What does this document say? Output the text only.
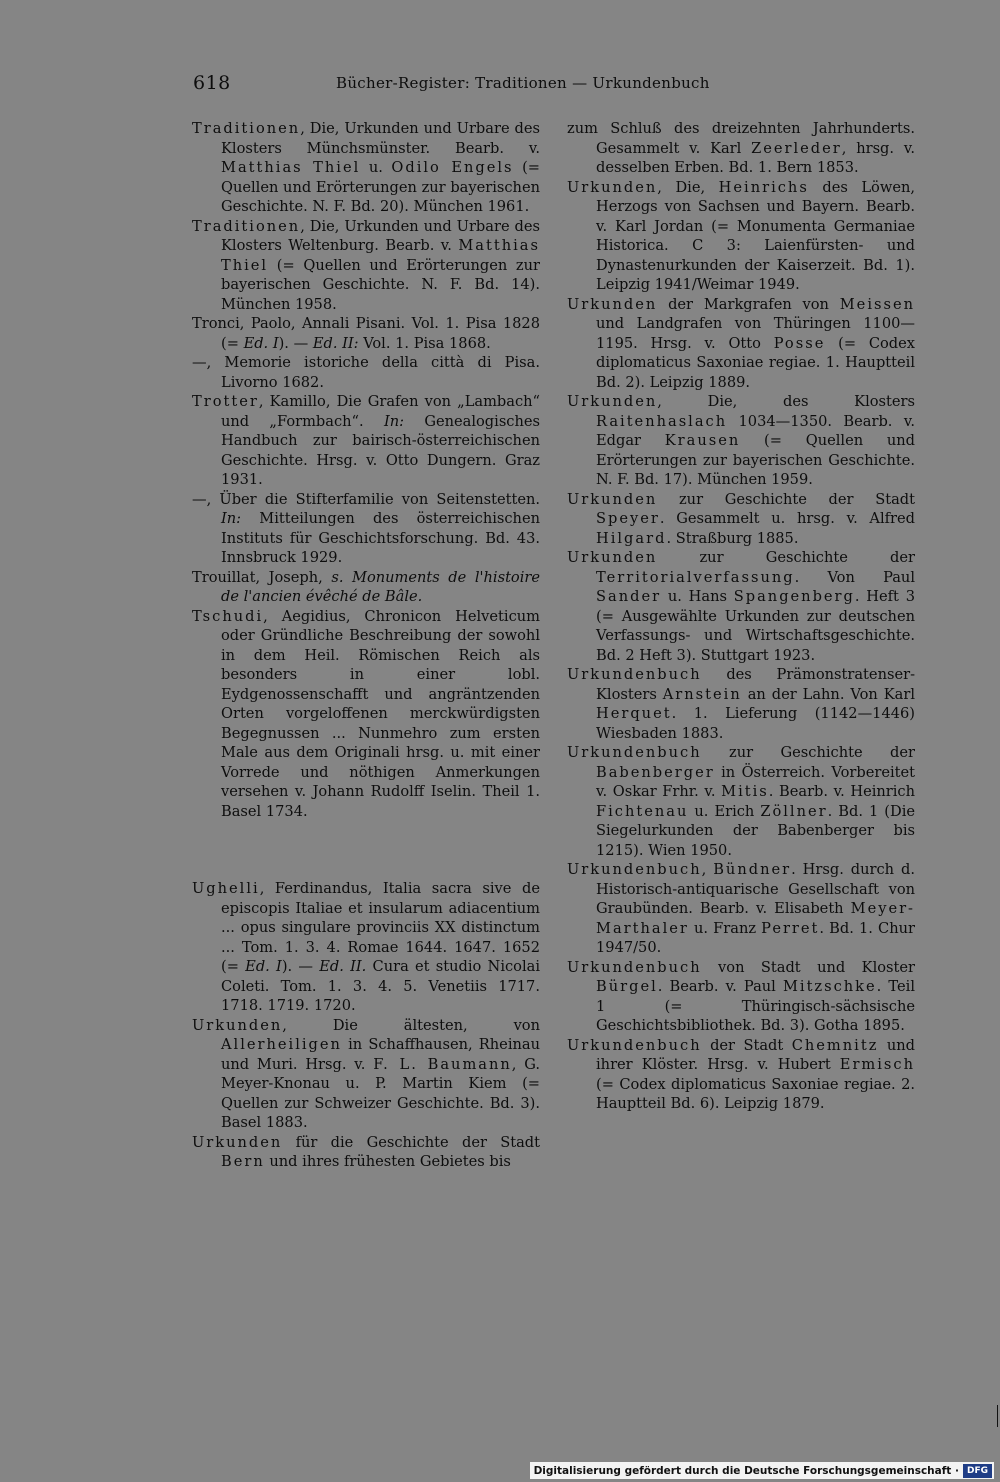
618	Bücher-Register: Traditionen — Urkundenbuch
Traditionen, Die, Urkunden und Urbare des Klosters Münchsmünster. Bearb. v. Matthias Thiel u. Odilo Engels (= Quellen und Erörterungen zur bayerischen Geschichte. N. F. Bd. 20). München 1961.
Traditionen, Die, Urkunden und Urbare des Klosters Weltenburg. Bearb. v. Matthias Thiel (= Quellen und Erörterungen zur bayerischen Geschichte. N. F. Bd. 14). München 1958.
Tronci, Paolo, Annali Pisani. Vol. 1. Pisa 1828 (= Ed. I). — Ed. II: Vol. 1. Pisa 1868.
—, Memorie istoriche della città di Pisa. Livorno 1682.
Trotter, Kamillo, Die Grafen von „Lambach“ und „Formbach“. In: Genealogisches Handbuch zur bairisch-österreichischen Geschichte. Hrsg. v. Otto Dungern. Graz 1931.
—, Über die Stifterfamilie von Seitenstetten. In: Mitteilungen des österreichischen Instituts für Geschichtsforschung. Bd. 43. Innsbruck 1929.
Trouillat, Joseph, s. Monuments de l'histoire de l'ancien évêché de Bâle.
Tschudi, Aegidius, Chronicon Helveticum oder Gründliche Beschreibung der sowohl in dem Heil. Römischen Reich als besonders in einer lobl. Eydgenossenschafft und angräntzenden Orten vorgeloffenen merckwürdigsten Begegnussen ... Nunmehro zum ersten Male aus dem Originali hrsg. u. mit einer Vorrede und nöthigen Anmerkungen versehen v. Johann Rudolff Iselin. Theil 1. Basel 1734.
Ughelli, Ferdinandus, Italia sacra sive de episcopis Italiae et insularum adiacentium ... opus singulare provinciis XX distinctum ... Tom. 1. 3. 4. Romae 1644. 1647. 1652 (= Ed. I). — Ed. II. Cura et studio Nicolai Coleti. Tom. 1. 3. 4. 5. Venetiis 1717. 1718. 1719. 1720.
Urkunden, Die ältesten, von Allerheiligen in Schaffhausen, Rheinau und Muri. Hrsg. v. F. L. Baumann, G. Meyer-Knonau u. P. Martin Kiem (= Quellen zur Schweizer Geschichte. Bd. 3). Basel 1883.
Urkunden für die Geschichte der Stadt Bern und ihres frühesten Gebietes bis
zum Schluß des dreizehnten Jahrhunderts. Gesammelt v. Karl Zeerleder, hrsg. v. desselben Erben. Bd. 1. Bern 1853.
Urkunden, Die, Heinrichs des Löwen, Herzogs von Sachsen und Bayern. Bearb. v. Karl Jordan (= Monumenta Germaniae Historica. C 3: Laienfürsten- und Dynastenurkunden der Kaiserzeit. Bd. 1). Leipzig 1941/Weimar 1949.
Urkunden der Markgrafen von Meissen und Landgrafen von Thüringen 1100—1195. Hrsg. v. Otto Posse (= Codex diplomaticus Saxoniae regiae. 1. Hauptteil Bd. 2). Leipzig 1889.
Urkunden, Die, des Klosters Raitenhaslach 1034—1350. Bearb. v. Edgar Krausen (= Quellen und Erörterungen zur bayerischen Geschichte. N. F. Bd. 17). München 1959.
Urkunden zur Geschichte der Stadt Speyer. Gesammelt u. hrsg. v. Alfred Hilgard. Straßburg 1885.
Urkunden zur Geschichte der Territorialverfassung. Von Paul Sander u. Hans Spangenberg. Heft 3 (= Ausgewählte Urkunden zur deutschen Verfassungs- und Wirtschaftsgeschichte. Bd. 2 Heft 3). Stuttgart 1923.
Urkundenbuch des Prämonstratenser-Klosters Arnstein an der Lahn. Von Karl Herquet. 1. Lieferung (1142—1446) Wiesbaden 1883.
Urkundenbuch zur Geschichte der Babenberger in Österreich. Vorbereitet v. Oskar Frhr. v. Mitis. Bearb. v. Heinrich Fichtenau u. Erich Zöllner. Bd. 1 (Die Siegelurkunden der Babenberger bis 1215). Wien 1950.
Urkundenbuch, Bündner. Hrsg. durch d. Historisch-antiquarische Gesellschaft von Graubünden. Bearb. v. Elisabeth Meyer-Marthaler u. Franz Perret. Bd. 1. Chur 1947/50.
Urkundenbuch von Stadt und Kloster Bürgel. Bearb. v. Paul Mitzschke. Teil 1 (= Thüringisch-sächsische Geschichtsbibliothek. Bd. 3). Gotha 1895.
Urkundenbuch der Stadt Chemnitz und ihrer Klöster. Hrsg. v. Hubert Ermisch (= Codex diplomaticus Saxoniae regiae. 2. Hauptteil Bd. 6). Leipzig 1879.
Digitalisierung gefördert durch die Deutsche Forschungsgemeinschaft · DFG
